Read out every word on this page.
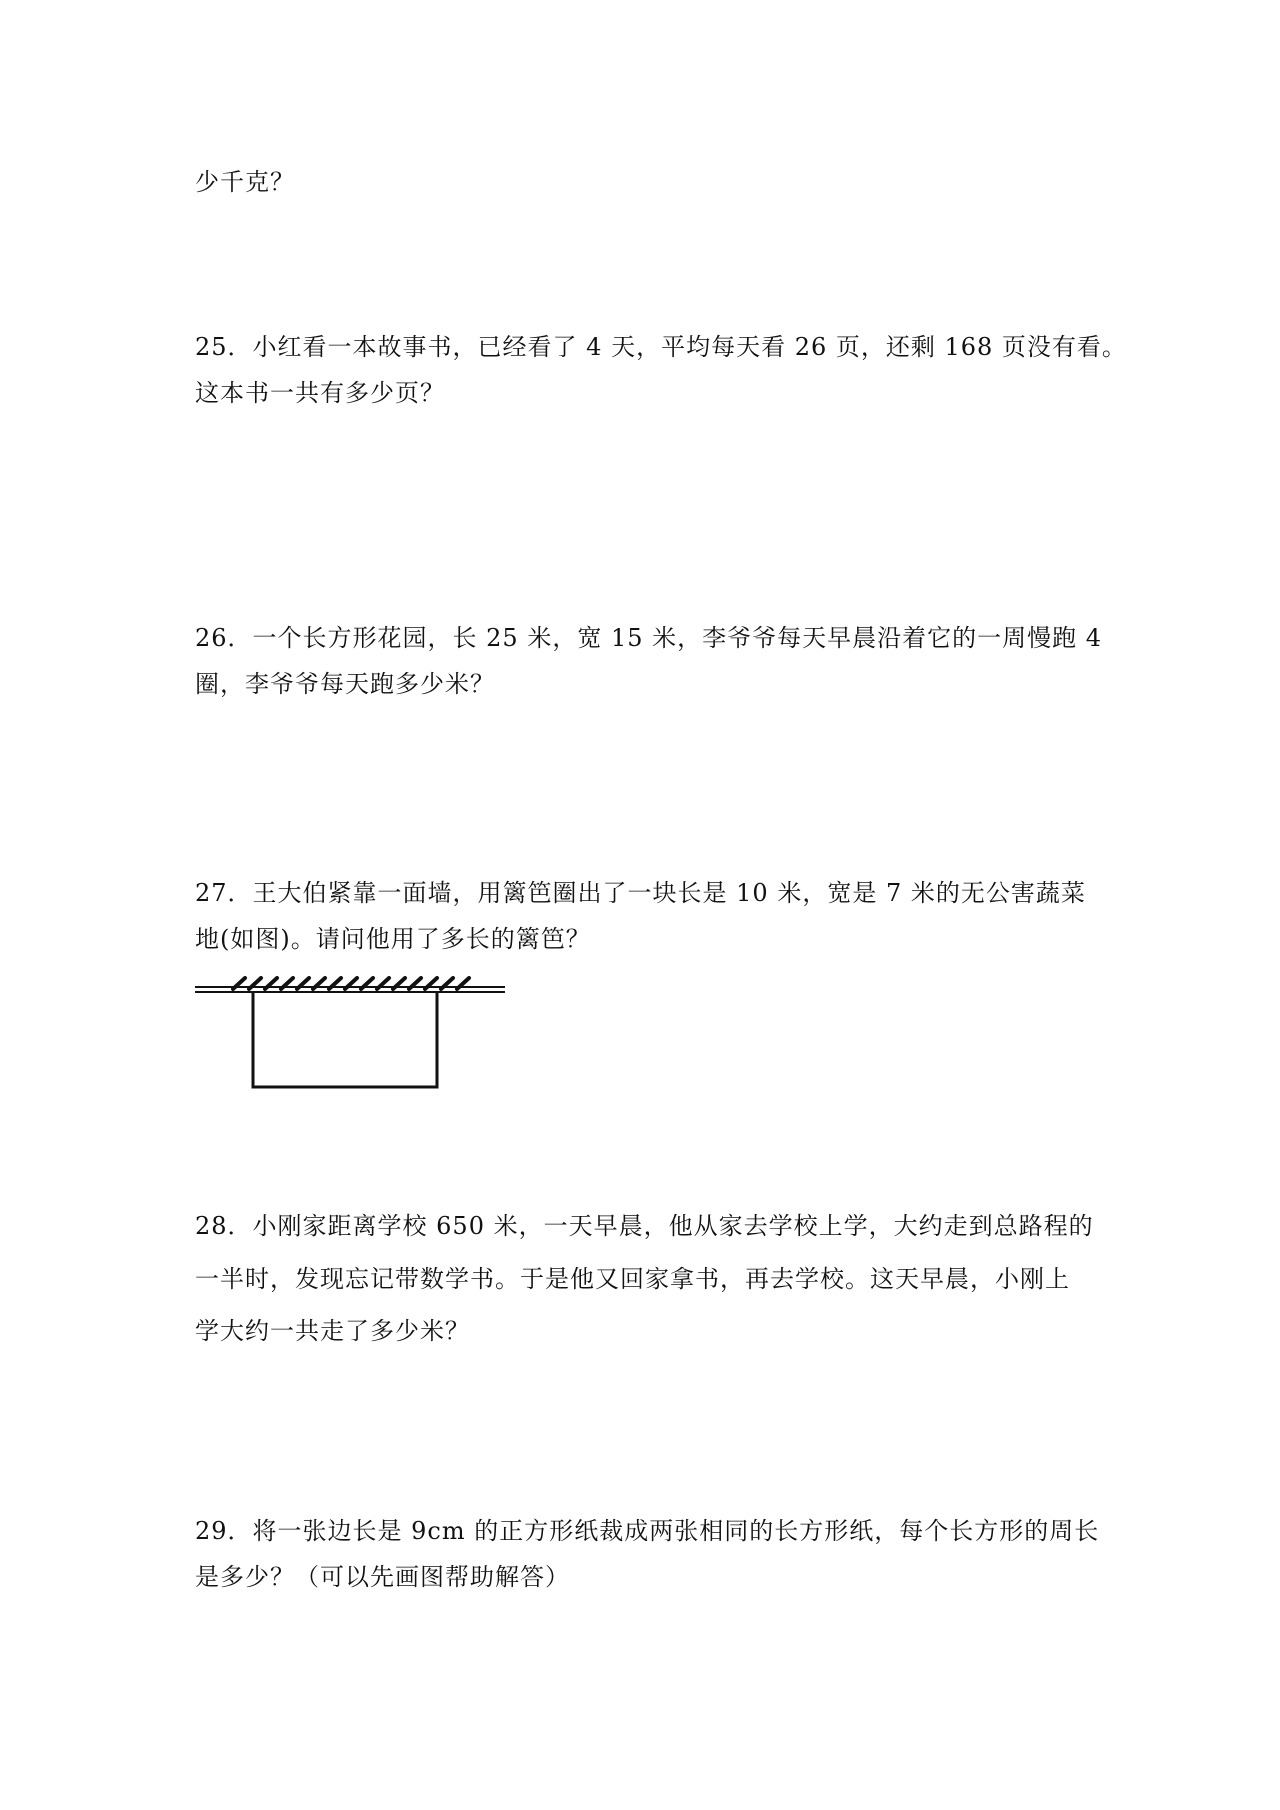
少千克？
25．小红看一本故事书，已经看了 4 天，平均每天看 26 页，还剩 168 页没有看。
这本书一共有多少页？
26．一个长方形花园，长 25 米，宽 15 米，李爷爷每天早晨沿着它的一周慢跑 4
圈，李爷爷每天跑多少米？
27．王大伯紧靠一面墙，用篱笆圈出了一块长是 10 米，宽是 7 米的无公害蔬菜
地(如图)。请问他用了多长的篱笆？
28．小刚家距离学校 650 米，一天早晨，他从家去学校上学，大约走到总路程的
一半时，发现忘记带数学书。于是他又回家拿书，再去学校。这天早晨，小刚上
学大约一共走了多少米？
29．将一张边长是 9cm 的正方形纸裁成两张相同的长方形纸，每个长方形的周长
是多少？（可以先画图帮助解答）
